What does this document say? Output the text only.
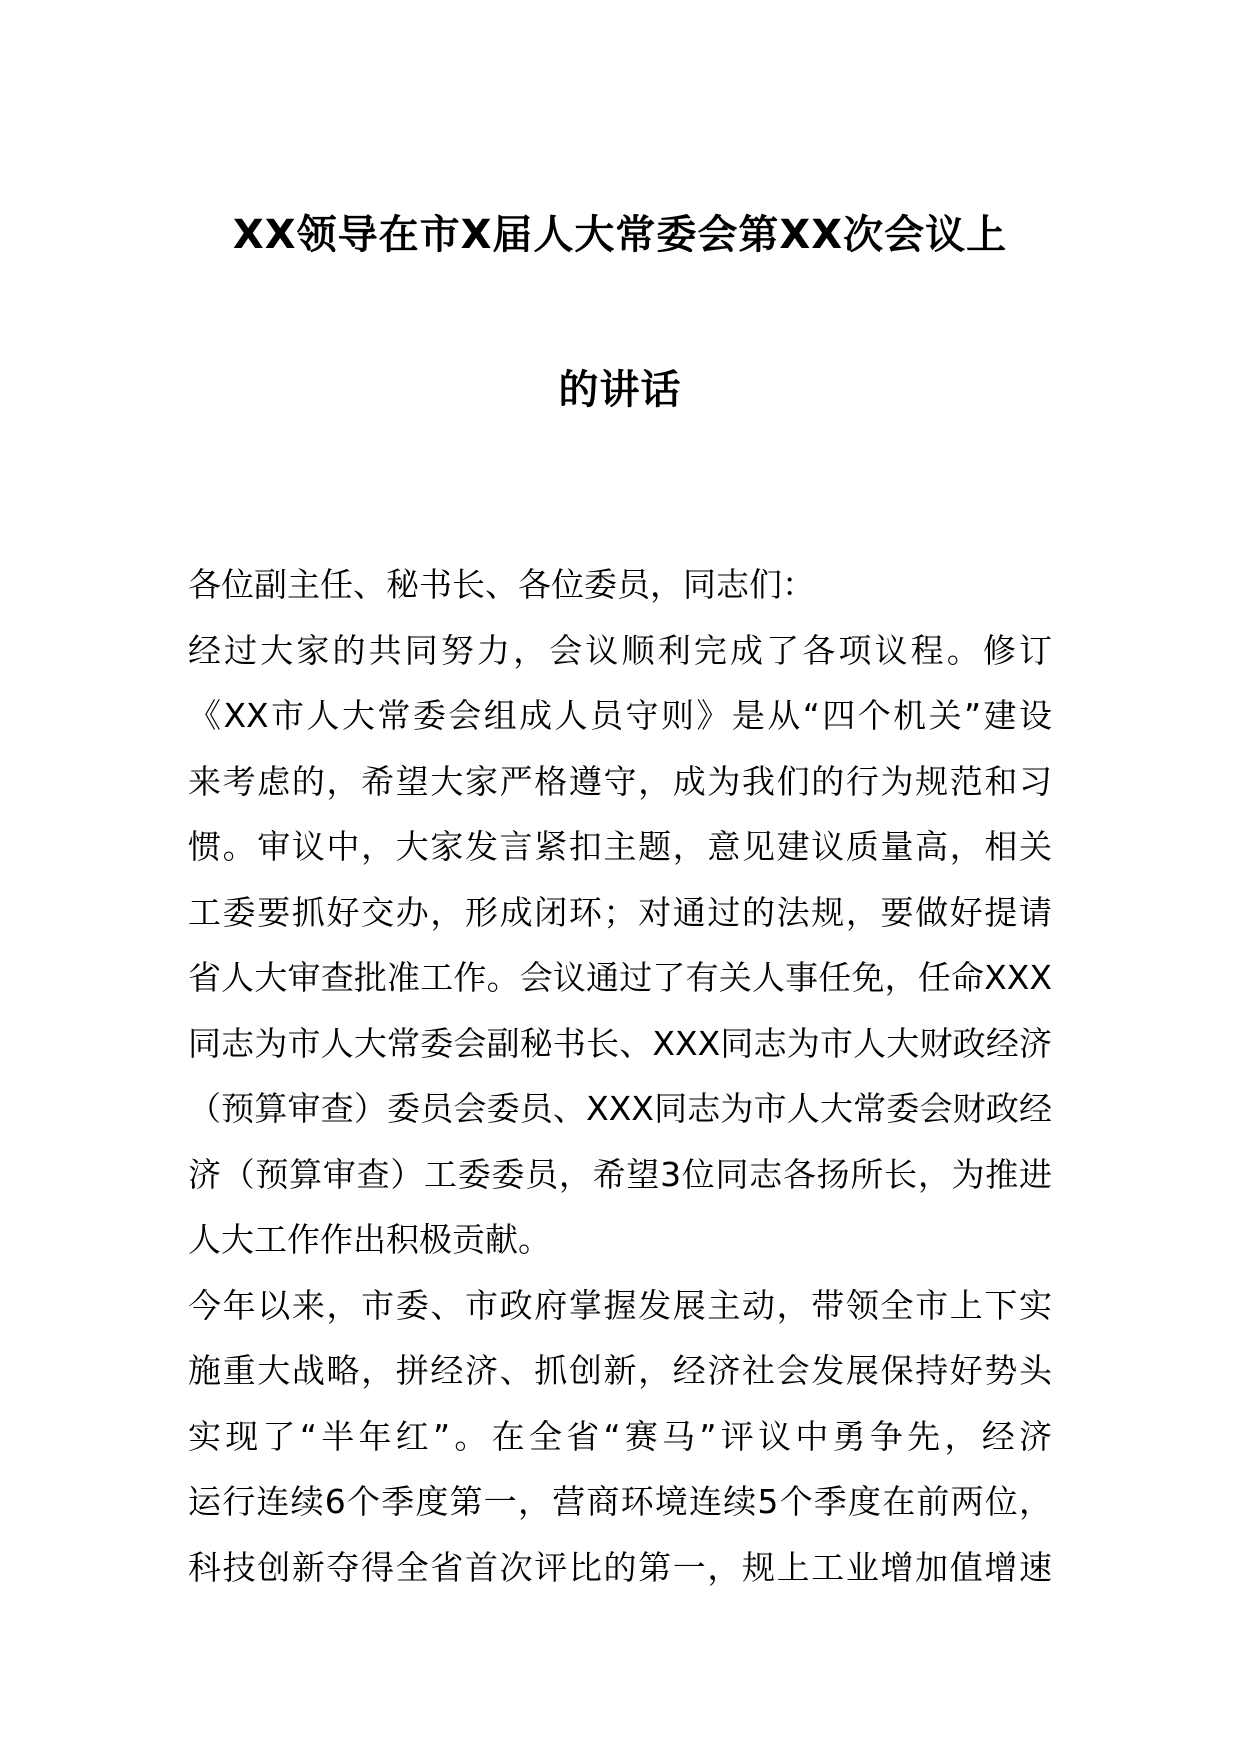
XX领导在市X届人大常委会第XX次会议上
的讲话
各位副主任、秘书长、各位委员，同志们：
经过大家的共同努力，会议顺利完成了各项议程。修订
《XX市人大常委会组成人员守则》是从“四个机关”建设
来考虑的，希望大家严格遵守，成为我们的行为规范和习
惯。审议中，大家发言紧扣主题，意见建议质量高，相关
工委要抓好交办，形成闭环；对通过的法规，要做好提请
省人大审查批准工作。会议通过了有关人事任免，任命XXX
同志为市人大常委会副秘书长、XXX同志为市人大财政经济
（预算审查）委员会委员、XXX同志为市人大常委会财政经
济（预算审查）工委委员，希望3位同志各扬所长，为推进
人大工作作出积极贡献。
今年以来，市委、市政府掌握发展主动，带领全市上下实
施重大战略，拼经济、抓创新，经济社会发展保持好势头
实现了“半年红”。在全省“赛马”评议中勇争先，经济
运行连续6个季度第一，营商环境连续5个季度在前两位，
科技创新夺得全省首次评比的第一，规上工业增加值增速
